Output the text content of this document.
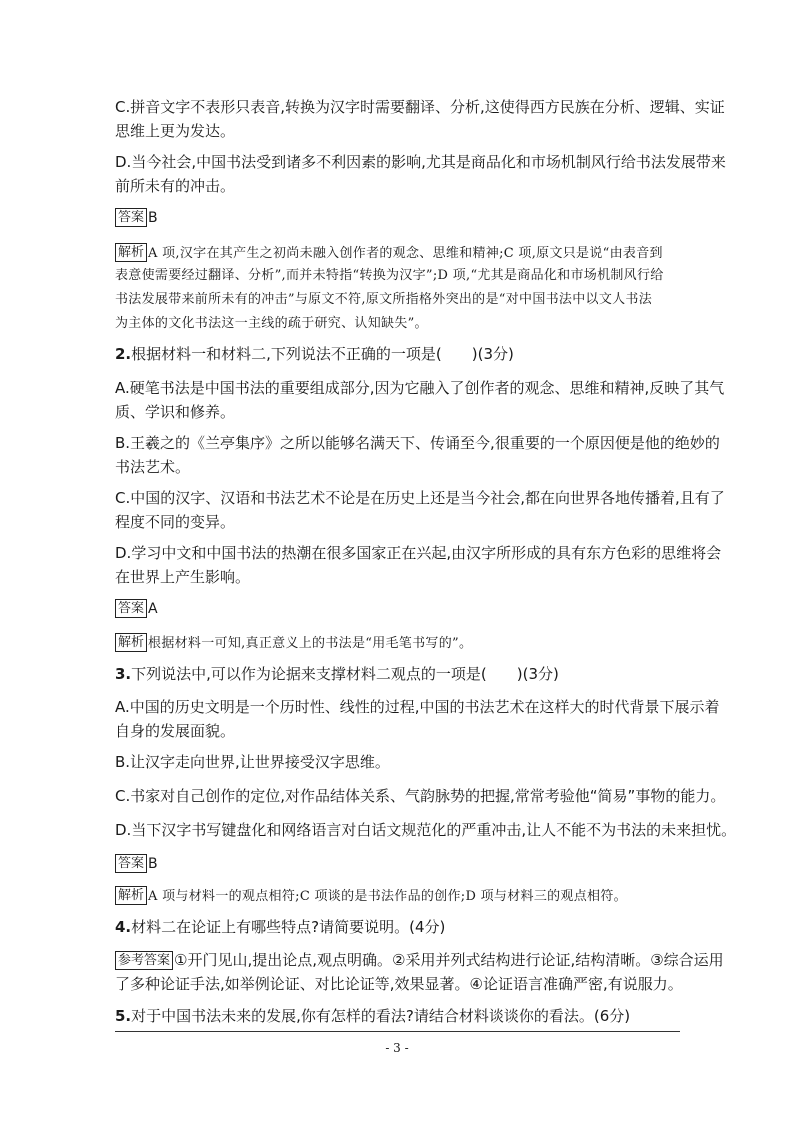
C.拼音文字不表形只表音,转换为汉字时需要翻译、分析,这使得西方民族在分析、逻辑、实证
思维上更为发达。
D.当今社会,中国书法受到诸多不利因素的影响,尤其是商品化和市场机制风行给书法发展带来
前所未有的冲击。
答案 B
解析 A 项,汉字在其产生之初尚未融入创作者的观念、思维和精神;C 项,原文只是说“由表音到
表意使需要经过翻译、分析”,而并未特指“转换为汉字”;D 项,“尤其是商品化和市场机制风行给
书法发展带来前所未有的冲击”与原文不符,原文所指格外突出的是“对中国书法中以文人书法
为主体的文化书法这一主线的疏于研究、认知缺失”。
2.根据材料一和材料二,下列说法不正确的一项是(　　)(3分)
A.硬笔书法是中国书法的重要组成部分,因为它融入了创作者的观念、思维和精神,反映了其气
质、学识和修养。
B.王羲之的《兰亭集序》之所以能够名满天下、传诵至今,很重要的一个原因便是他的绝妙的
书法艺术。
C.中国的汉字、汉语和书法艺术不论是在历史上还是当今社会,都在向世界各地传播着,且有了
程度不同的变异。
D.学习中文和中国书法的热潮在很多国家正在兴起,由汉字所形成的具有东方色彩的思维将会
在世界上产生影响。
答案 A
解析 根据材料一可知,真正意义上的书法是“用毛笔书写的”。
3.下列说法中,可以作为论据来支撑材料二观点的一项是(　　)(3分)
A.中国的历史文明是一个历时性、线性的过程,中国的书法艺术在这样大的时代背景下展示着
自身的发展面貌。
B.让汉字走向世界,让世界接受汉字思维。
C.书家对自己创作的定位,对作品结体关系、气韵脉势的把握,常常考验他“简易”事物的能力。
D.当下汉字书写键盘化和网络语言对白话文规范化的严重冲击,让人不能不为书法的未来担忧。
答案 B
解析 A 项与材料一的观点相符;C 项谈的是书法作品的创作;D 项与材料三的观点相符。
4.材料二在论证上有哪些特点?请简要说明。(4分)
参考答案 ①开门见山,提出论点,观点明确。②采用并列式结构进行论证,结构清晰。③综合运用
了多种论证手法,如举例论证、对比论证等,效果显著。④论证语言准确严密,有说服力。
5.对于中国书法未来的发展,你有怎样的看法?请结合材料谈谈你的看法。(6分)
- 3 -
